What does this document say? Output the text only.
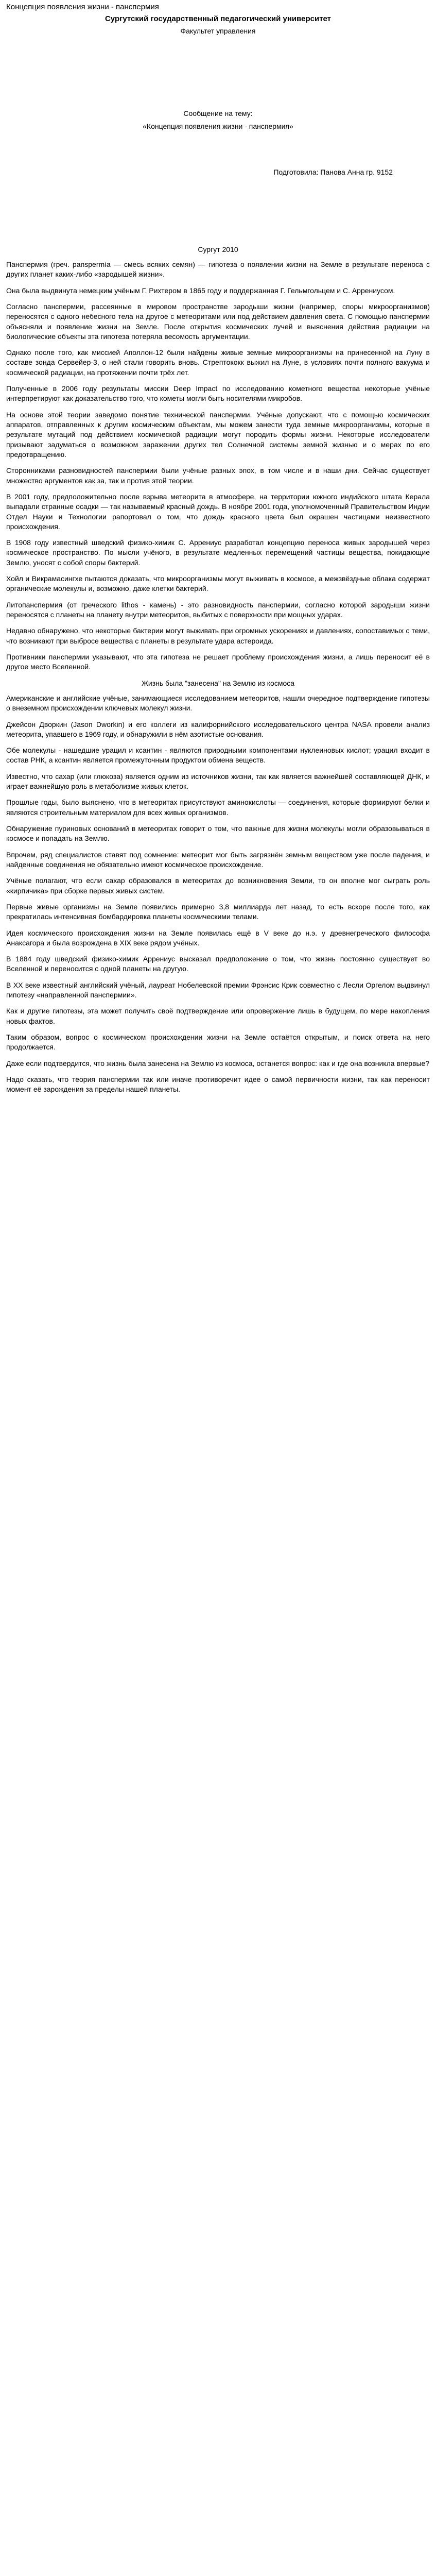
Концепция появления жизни - панспермия
Сургутский государственный педагогический университет
Факультет управления
Сообщение на тему:
«Концепция появления жизни - панспермия»
Подготовила: Панова Анна гр. 9152
Сургут 2010

Панспермия (греч. panspermía — смесь всяких семян) — гипотеза о появлении жизни на Земле в результате переноса с других планет каких-либо «зародышей жизни».

Она была выдвинута немецким учёным Г. Рихтером в 1865 году и поддержанная Г. Гельмгольцем и С. Аррениусом.

Согласно панспермии, рассеянные в мировом пространстве зародыши жизни (например, споры микроорганизмов) переносятся с одного небесного тела на другое с метеоритами или под действием давления света. С помощью панспермии объясняли и появление жизни на Земле. После открытия космических лучей и выяснения действия радиации на биологические объекты эта гипотеза потеряла весомость аргументации.

Однако после того, как миссией Аполлон-12 были найдены живые земные микроорганизмы на принесенной на Луну в составе зонда Сервейер-3, о ней стали говорить вновь. Стрептококк выжил на Луне, в условиях почти полного вакуума и космической радиации, на протяжении почти трёх лет.

Полученные в 2006 году результаты миссии Deep Impact по исследованию кометного вещества некоторые учёные интерпретируют как доказательство того, что кометы могли быть носителями микробов.

На основе этой теории заведомо понятие технической панспермии. Учёные допускают, что с помощью космических аппаратов, отправленных к другим космическим объектам, мы можем занести туда земные микроорганизмы, которые в результате мутаций под действием космической радиации могут породить формы жизни. Некоторые исследователи призывают задуматься о возможном заражении других тел Солнечной системы земной жизнью и о мерах по его предотвращению.

Сторонниками разновидностей панспермии были учёные разных эпох, в том числе и в наши дни. Сейчас существует множество аргументов как за, так и против этой теории.

В 2001 году, предположительно после взрыва метеорита в атмосфере, на территории южного индийского штата Керала выпадали странные осадки — так называемый красный дождь. В ноябре 2001 года, уполномоченный Правительством Индии Отдел Науки и Технологии рапортовал о том, что дождь красного цвета был окрашен частицами неизвестного происхождения.

В 1908 году известный шведский физико-химик С. Аррениус разработал концепцию переноса живых зародышей через космическое пространство. По мысли учёного, в результате медленных перемещений частицы вещества, покидающие Землю, уносят с собой споры бактерий.

Хойл и Викрамасингхе пытаются доказать, что микроорганизмы могут выживать в космосе, а межзвёздные облака содержат органические молекулы и, возможно, даже клетки бактерий.

Литопанспермия (от греческого lithos - камень) - это разновидность панспермии, согласно которой зародыши жизни переносятся с планеты на планету внутри метеоритов, выбитых с поверхности при мощных ударах.

Недавно обнаружено, что некоторые бактерии могут выживать при огромных ускорениях и давлениях, сопоставимых с теми, что возникают при выбросе вещества с планеты в результате удара астероида.

Противники панспермии указывают, что эта гипотеза не решает проблему происхождения жизни, а лишь переносит её в другое место Вселенной.

Жизнь была "занесена" на Землю из космоса

Американские и английские учёные, занимающиеся исследованием метеоритов, нашли очередное подтверждение гипотезы о внеземном происхождении ключевых молекул жизни.

Джейсон Дворкин (Jason Dworkin) и его коллеги из калифорнийского исследовательского центра NASA провели анализ метеорита, упавшего в 1969 году, и обнаружили в нём азотистые основания.

Обе молекулы - нашедшие урацил и ксантин - являются природными компонентами нуклеиновых кислот; урацил входит в состав РНК, а ксантин является промежуточным продуктом обмена веществ.

Известно, что сахар (или глюкоза) является одним из источников жизни, так как является важнейшей составляющей ДНК, и играет важнейшую роль в метаболизме живых клеток.

Прошлые годы, было выяснено, что в метеоритах присутствуют аминокислоты — соединения, которые формируют белки и являются строительным материалом для всех живых организмов.

Обнаружение пуриновых оснований в метеоритах говорит о том, что важные для жизни молекулы могли образовываться в космосе и попадать на Землю.

Впрочем, ряд специалистов ставят под сомнение: метеорит мог быть загрязнён земным веществом уже после падения, и найденные соединения не обязательно имеют космическое происхождение.

Учёные полагают, что если сахар образовался в метеоритах до возникновения Земли, то он вполне мог сыграть роль «кирпичика» при сборке первых живых систем.

Первые живые организмы на Земле появились примерно 3,8 миллиарда лет назад, то есть вскоре после того, как прекратилась интенсивная бомбардировка планеты космическими телами.

Идея космического происхождения жизни на Земле появилась ещё в V веке до н.э. у древнегреческого философа Анаксагора и была возрождена в XIX веке рядом учёных.

В 1884 году шведский физико-химик Аррениус высказал предположение о том, что жизнь постоянно существует во Вселенной и переносится с одной планеты на другую.

В XX веке известный английский учёный, лауреат Нобелевской премии Фрэнсис Крик совместно с Лесли Оргелом выдвинул гипотезу «направленной панспермии».

Как и другие гипотезы, эта может получить своё подтверждение или опровержение лишь в будущем, по мере накопления новых фактов.

Таким образом, вопрос о космическом происхождении жизни на Земле остаётся открытым, и поиск ответа на него продолжается.

Даже если подтвердится, что жизнь была занесена на Землю из космоса, останется вопрос: как и где она возникла впервые?

Надо сказать, что теория панспермии так или иначе противоречит идее о самой первичности жизни, так как переносит момент её зарождения за пределы нашей планеты.
